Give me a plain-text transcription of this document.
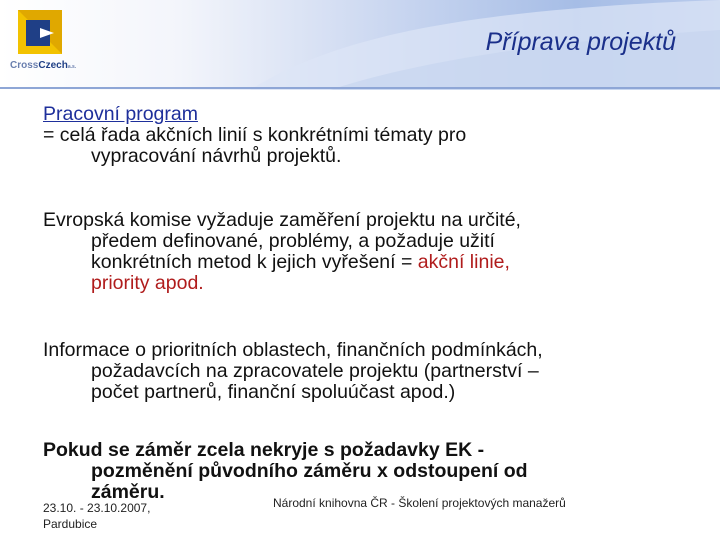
CrossCzecha.s.
Příprava projektů

Pracovní program

= celá řada akčních linií s konkrétními tématy pro

vypracování návrhů projektů.

Evropská komise vyžaduje zaměření projektu na určité,

předem definované, problémy, a požaduje užití

konkrétních metod k jejich vyřešení = akční linie,

priority apod.

Informace o prioritních oblastech, finančních podmínkách,

požadavcích na zpracovatele projektu (partnerství –

počet partnerů, finanční spoluúčast apod.)

Pokud se záměr zcela nekryje s požadavky EK -

pozměnění původního záměru x odstoupení od

záměru.

23.10. - 23.10.2007,
Pardubice
Národní knihovna ČR - Školení projektových manažerů
